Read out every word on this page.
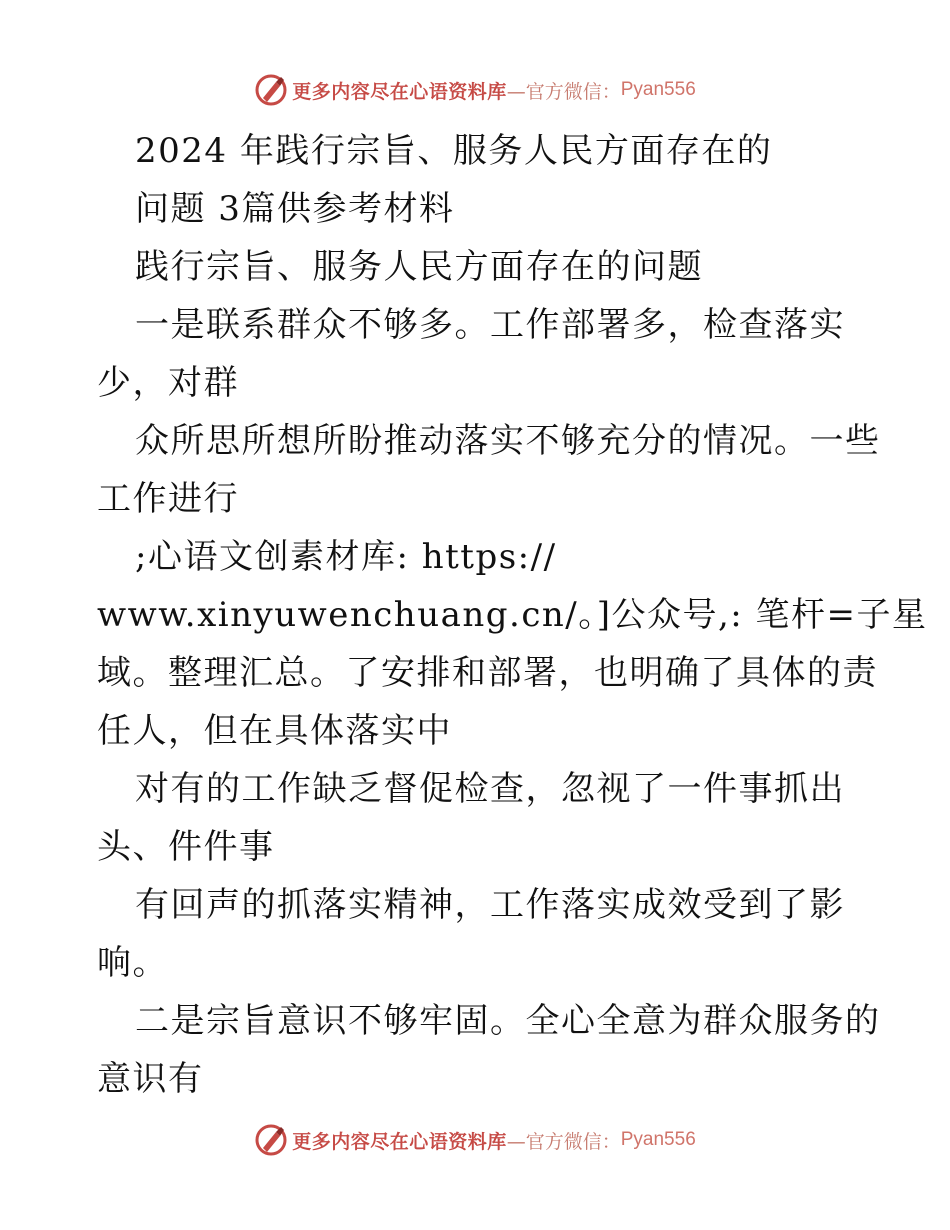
更多内容尽在心语资料库 —官方微信： Pyan556
2024 年践行宗旨、服务人民方面存在的
问题 3篇供参考材料
践行宗旨、服务人民方面存在的问题
一是联系群众不够多。工作部署多，检查落实
少，对群
众所思所想所盼推动落实不够充分的情况。一些
工作进行
;心语文创素材库: https://
www.xinyuwenchuang.cn/。]公众号,: 笔杆=子星
域。整理汇总。了安排和部署，也明确了具体的责
任人，但在具体落实中
对有的工作缺乏督促检查，忽视了一件事抓出
头、件件事
有回声的抓落实精神，工作落实成效受到了影
响。
二是宗旨意识不够牢固。全心全意为群众服务的
意识有
更多内容尽在心语资料库 —官方微信： Pyan556
